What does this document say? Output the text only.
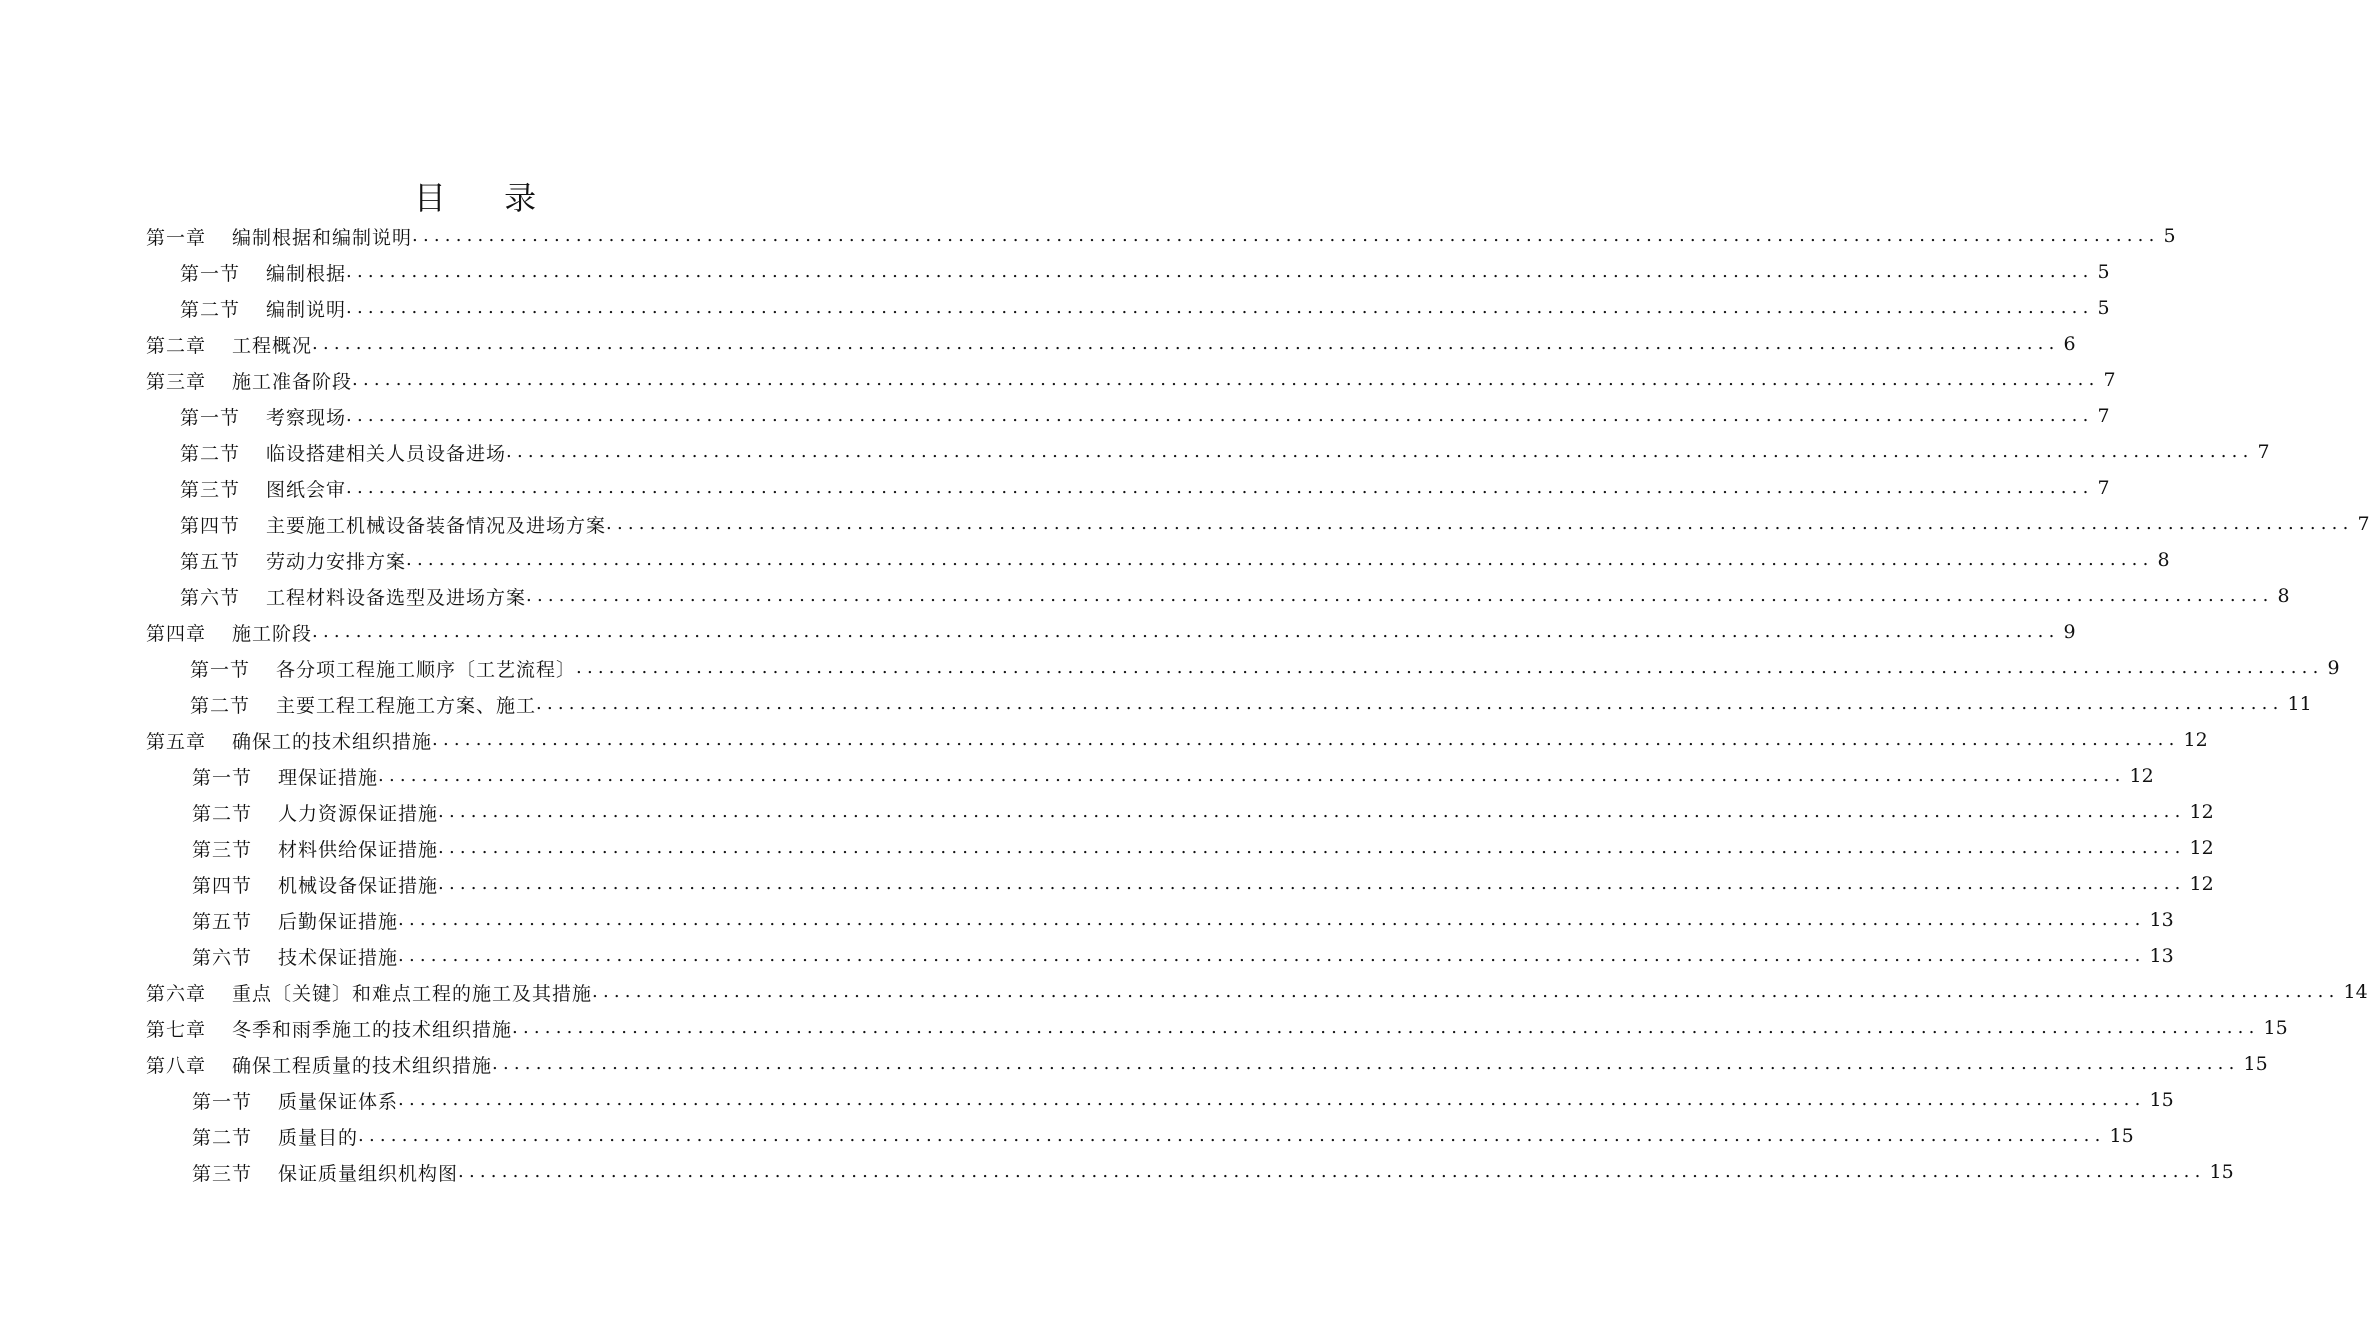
目 录
第一章 编制根据和编制说明 ................................................................................................................................................................ 5
第一节 编制根据 ................................................................................................................................................................ 5
第二节 编制说明 ................................................................................................................................................................ 5
第二章 工程概况 ................................................................................................................................................................ 6
第三章 施工准备阶段 ................................................................................................................................................................ 7
第一节 考察现场 ................................................................................................................................................................ 7
第二节 临设搭建相关人员设备进场 ................................................................................................................................................................ 7
第三节 图纸会审 ................................................................................................................................................................ 7
第四节 主要施工机械设备装备情况及进场方案 ................................................................................................................................................................ 7
第五节 劳动力安排方案 ................................................................................................................................................................ 8
第六节 工程材料设备选型及进场方案 ................................................................................................................................................................ 8
第四章 施工阶段 ................................................................................................................................................................ 9
第一节 各分项工程施工顺序〔工艺流程〕 ................................................................................................................................................................ 9
第二节 主要工程工程施工方案、施工 ................................................................................................................................................................ 11
第五章 确保工的技术组织措施 ................................................................................................................................................................ 12
第一节 理保证措施 ................................................................................................................................................................ 12
第二节 人力资源保证措施 ................................................................................................................................................................ 12
第三节 材料供给保证措施 ................................................................................................................................................................ 12
第四节 机械设备保证措施 ................................................................................................................................................................ 12
第五节 后勤保证措施 ................................................................................................................................................................ 13
第六节 技术保证措施 ................................................................................................................................................................ 13
第六章 重点〔关键〕和难点工程的施工及其措施 ................................................................................................................................................................ 14
第七章 冬季和雨季施工的技术组织措施 ................................................................................................................................................................ 15
第八章 确保工程质量的技术组织措施 ................................................................................................................................................................ 15
第一节 质量保证体系 ................................................................................................................................................................ 15
第二节 质量目的 ................................................................................................................................................................ 15
第三节 保证质量组织机构图 ................................................................................................................................................................ 15
